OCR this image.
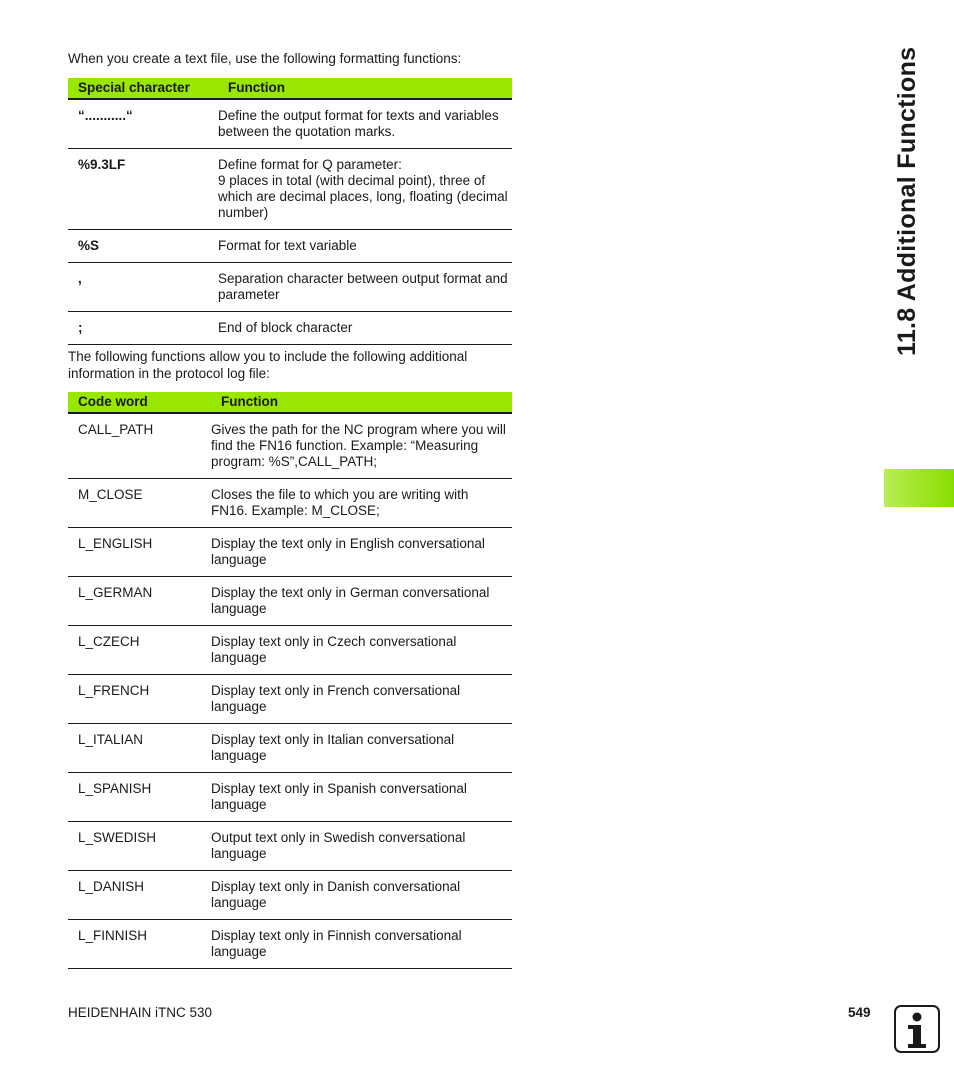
When you create a text file, use the following formatting functions:

Special character	Function
“...........“	Define the output format for texts and variables between the quotation marks.
%9.3LF	Define format for Q parameter:
9 places in total (with decimal point), three of which are decimal places, long, floating (decimal number)
%S	Format for text variable
,	Separation character between output format and parameter
;	End of block character

The following functions allow you to include the following additional information in the protocol log file:

Code word	Function
CALL_PATH	Gives the path for the NC program where you will find the FN16 function. Example: “Measuring program: %S”,CALL_PATH;
M_CLOSE	Closes the file to which you are writing with FN16. Example: M_CLOSE;
L_ENGLISH	Display the text only in English conversational language
L_GERMAN	Display the text only in German conversational language
L_CZECH	Display text only in Czech conversational language
L_FRENCH	Display text only in French conversational language
L_ITALIAN	Display text only in Italian conversational language
L_SPANISH	Display text only in Spanish conversational language
L_SWEDISH	Output text only in Swedish conversational language
L_DANISH	Display text only in Danish conversational language
L_FINNISH	Display text only in Finnish conversational language
11.8 Additional Functions
HEIDENHAIN iTNC 530	549
